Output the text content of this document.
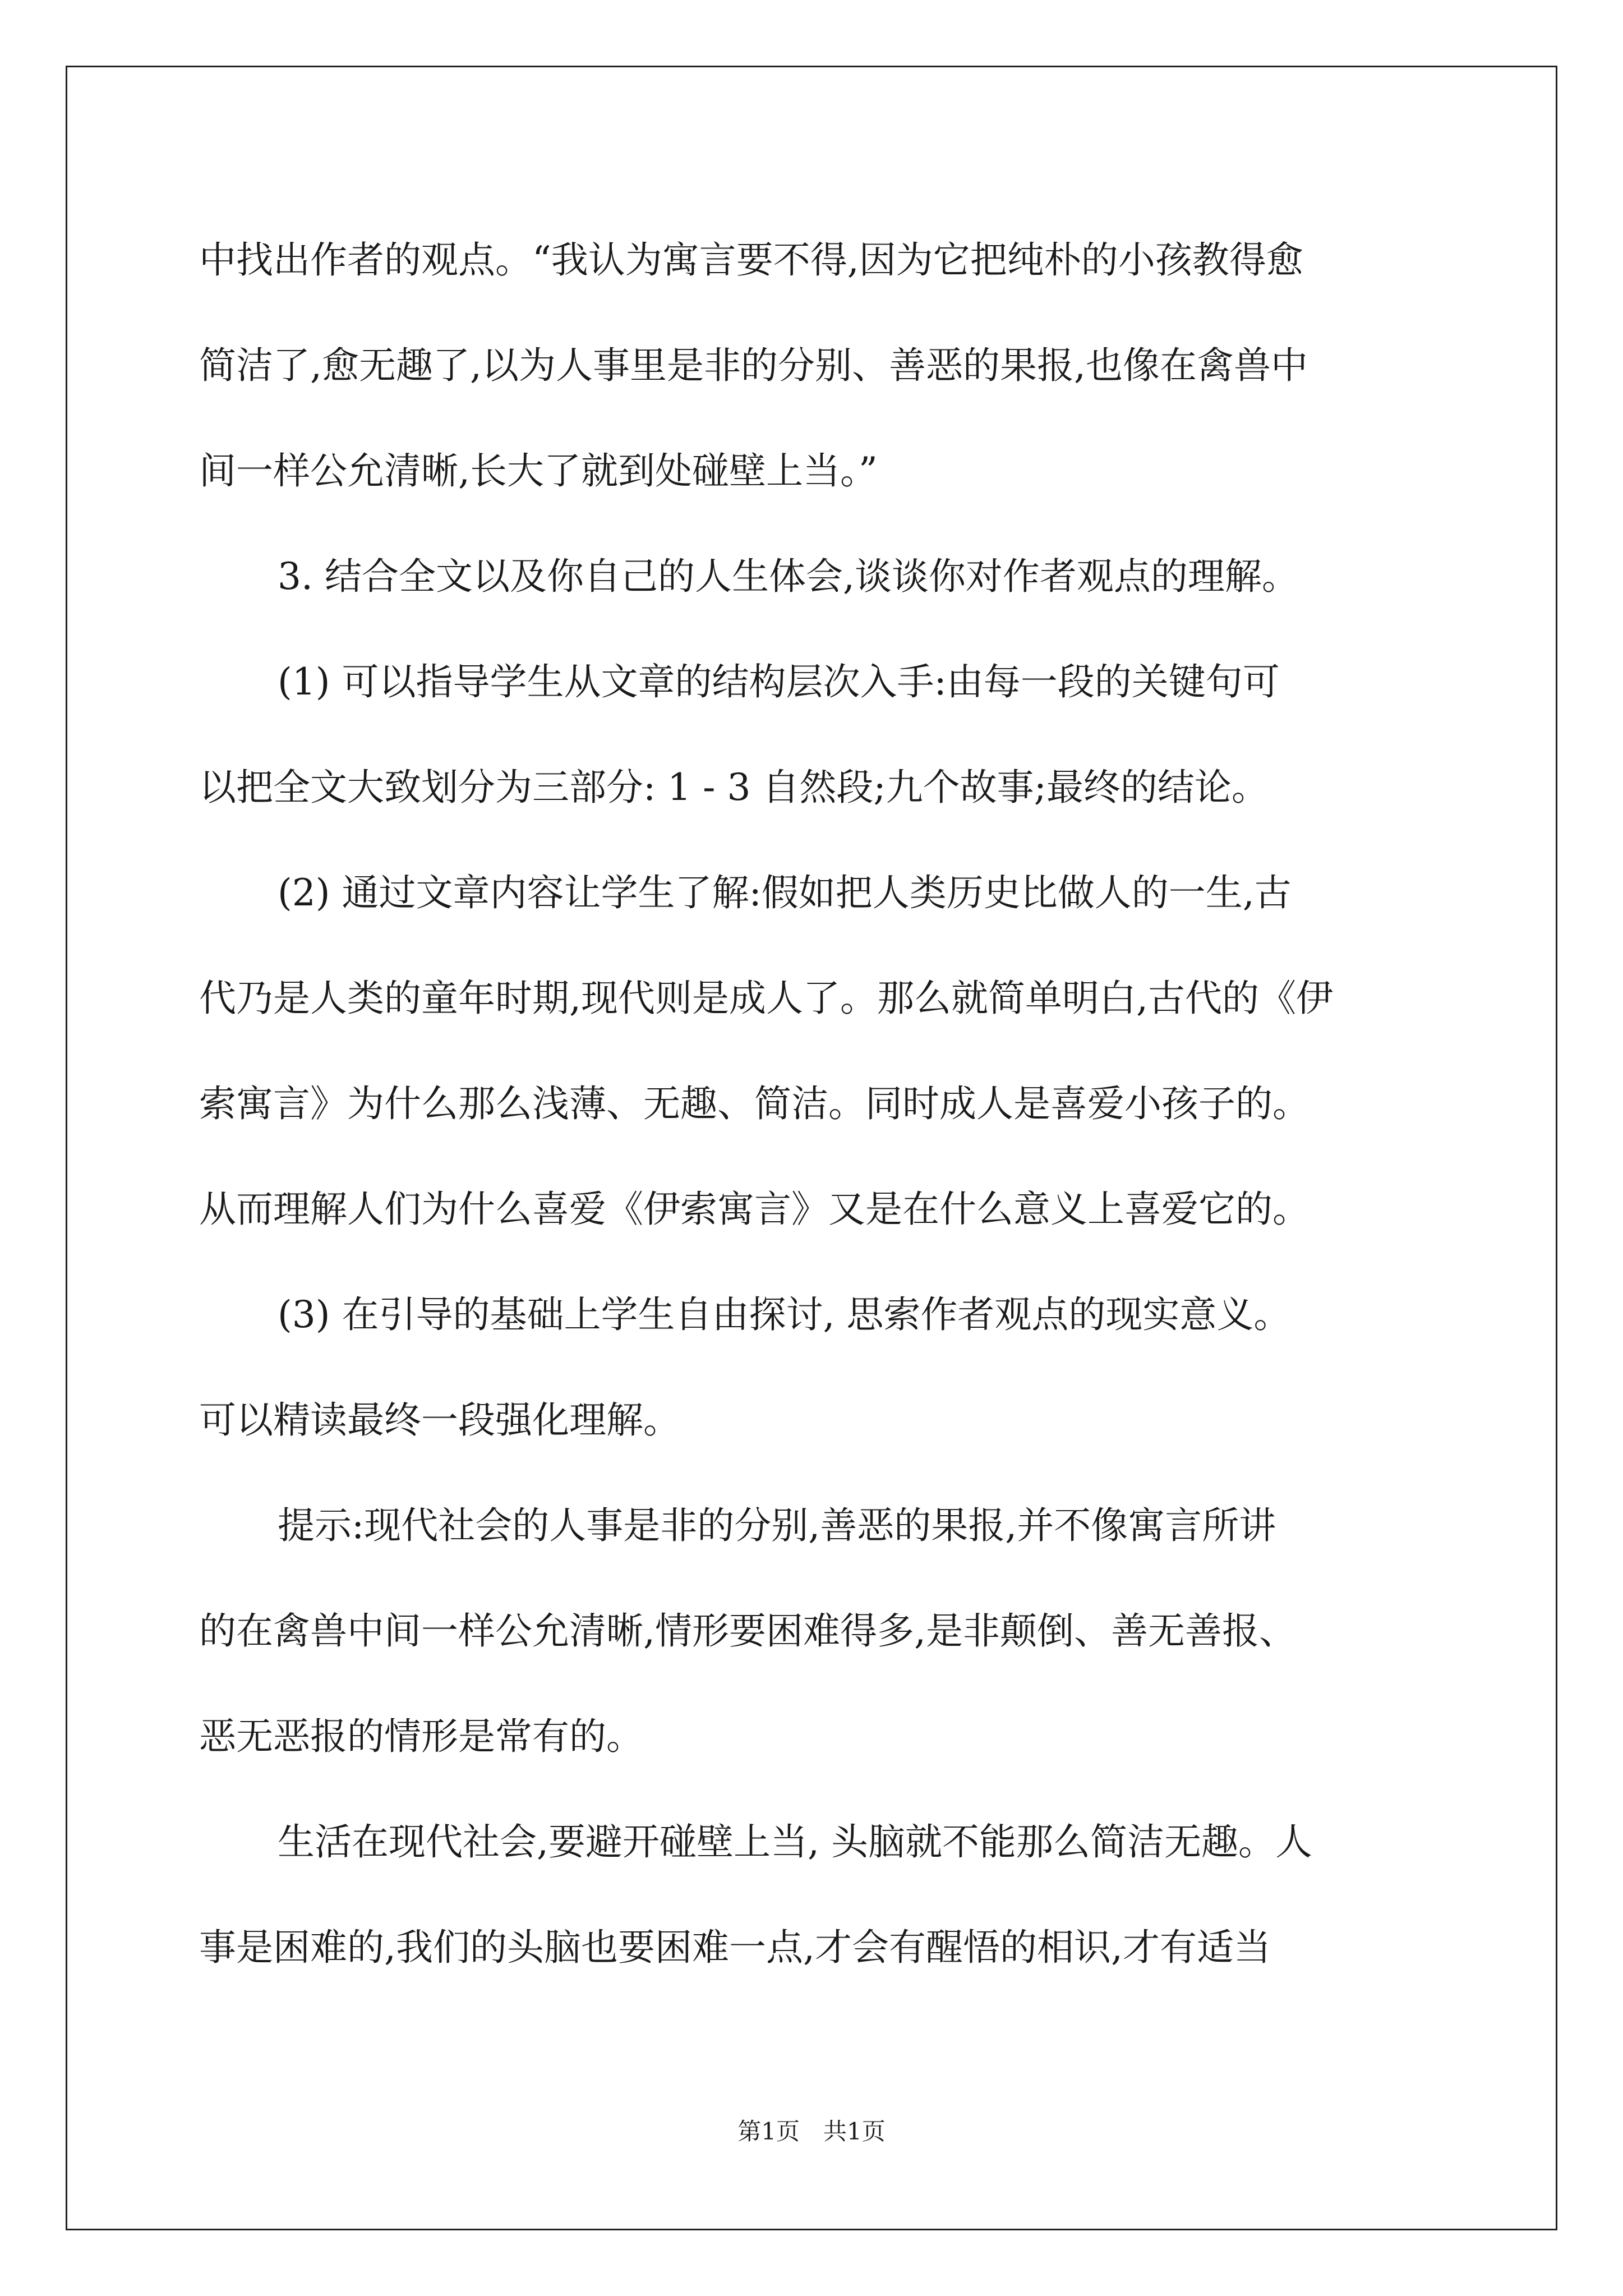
中找出作者的观点。“我认为寓言要不得,因为它把纯朴的小孩教得愈
简洁了,愈无趣了,以为人事里是非的分别、善恶的果报,也像在禽兽中
间一样公允清晰,长大了就到处碰壁上当。”
3. 结合全文以及你自己的人生体会,谈谈你对作者观点的理解。
(1) 可以指导学生从文章的结构层次入手:由每一段的关键句可
以把全文大致划分为三部分: 1 - 3 自然段;九个故事;最终的结论。
(2) 通过文章内容让学生了解:假如把人类历史比做人的一生,古
代乃是人类的童年时期,现代则是成人了。那么就简单明白,古代的《伊
索寓言》为什么那么浅薄、无趣、简洁。同时成人是喜爱小孩子的。
从而理解人们为什么喜爱《伊索寓言》又是在什么意义上喜爱它的。
(3) 在引导的基础上学生自由探讨, 思索作者观点的现实意义。
可以精读最终一段强化理解。
提示:现代社会的人事是非的分别,善恶的果报,并不像寓言所讲
的在禽兽中间一样公允清晰,情形要困难得多,是非颠倒、善无善报、
恶无恶报的情形是常有的。
生活在现代社会,要避开碰壁上当, 头脑就不能那么简洁无趣。人
事是困难的,我们的头脑也要困难一点,才会有醒悟的相识,才有适当
第1页　共1页
